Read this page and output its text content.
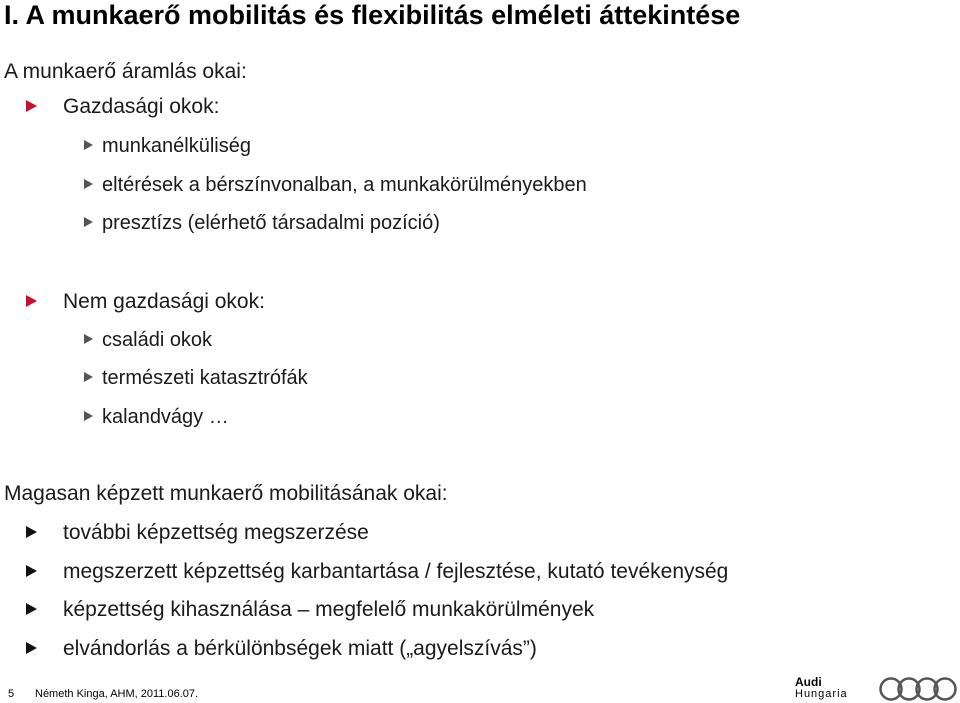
I. A munkaerő mobilitás és flexibilitás elméleti áttekintése
A munkaerő áramlás okai:
Gazdasági okok:
munkanélküliség
eltérések a bérszínvonalban, a munkakörülményekben
presztízs (elérhető társadalmi pozíció)
Nem gazdasági okok:
családi okok
természeti katasztrófák
kalandvágy …
Magasan képzett munkaerő mobilitásának okai:
további képzettség megszerzése
megszerzett képzettség karbantartása / fejlesztése, kutató tevékenység
képzettség kihasználása – megfelelő munkakörülmények
elvándorlás a bérkülönbségek miatt („agyelszívás”)
5 Németh Kinga, AHM, 2011.06.07.
Audi
Hungaria
